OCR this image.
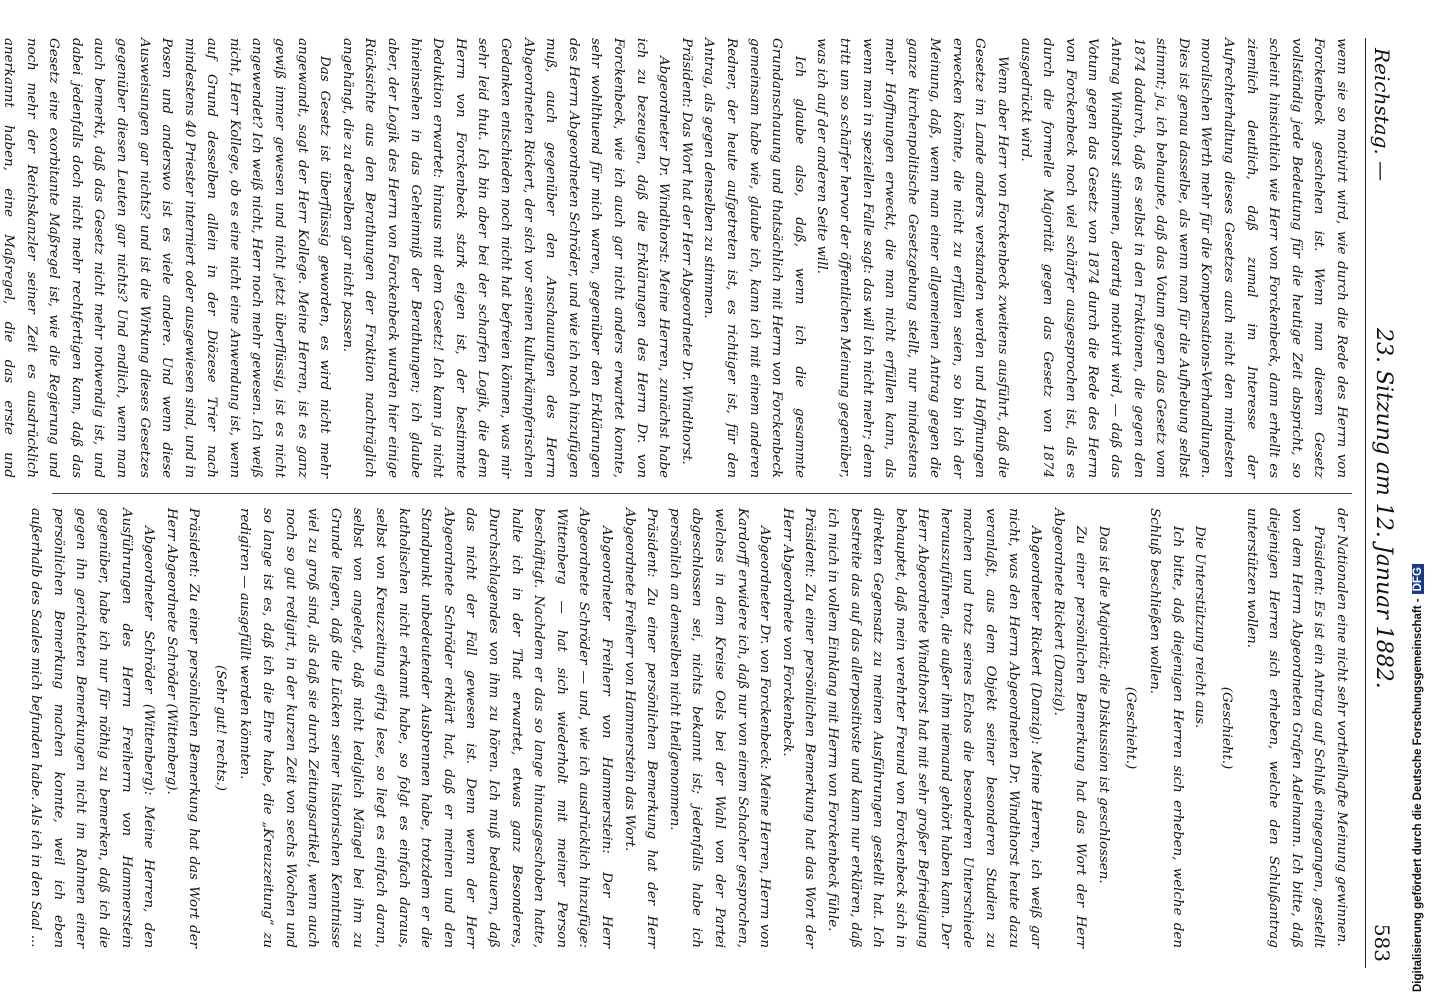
Reichstag. —
23. Sitzung am 12. Januar 1882.
583

wenn sie so motivirt wird, wie durch die Rede des Herrn von Forckenbeck geschehen ist. Wenn man diesem Gesetz vollständig jede Bedeutung für die heutige Zeit abspricht, so scheint hinsichtlich wie Herr von Forckenbeck, dann erhellt es ziemlich deutlich, daß zumal im Interesse der Aufrechterhaltung dieses Gesetzes auch nicht den mindesten moralischen Werth mehr für die Kompensations-Verhandlungen. Dies ist genau dasselbe, als wenn man für die Aufhebung selbst stimmt; ja, ich behaupte, daß das Votum gegen das Gesetz vom 1874 dadurch, daß es selbst in den Fraktionen, die gegen den Antrag Windthorst stimmen, derartig motivirt wird, — daß das Votum gegen das Gesetz von 1874 durch die Rede des Herrn von Forckenbeck noch viel schärfer ausgesprochen ist, als es durch die formelle Majorität gegen das Gesetz von 1874 ausgedrückt wird.

Wenn aber Herr von Forckenbeck zweitens ausführt, daß die Gesetze im Lande anders verstanden werden und Hoffnungen erwecken könnte, die nicht zu erfüllen seien, so bin ich der Meinung, daß, wenn man einer allgemeinen Antrag gegen die ganze kirchenpolitische Gesetzgebung stellt, nur mindestens mehr Hoffnungen erweckt, die man nicht erfüllen kann, als wenn man in speziellen Falle sagt: das will ich nicht mehr; denn tritt um so schärfer hervor der öffentlichen Meinung gegenüber, was ich auf der anderen Seite will.

Ich glaube also, daß, wenn ich die gesammte Grundanschauung und thatsächlich mit Herrn von Forckenbeck gemeinsam habe wie, glaube ich, kann ich mit einem anderen Redner, der heute aufgetreten ist, es richtiger ist, für den Antrag, als gegen denselben zu stimmen.

Präsident: Das Wort hat der Herr Abgeordnete Dr. Windthorst.

Abgeordneter Dr. Windthorst: Meine Herren, zunächst habe ich zu bezeugen, daß die Erklärungen des Herrn Dr. von Forckenbeck, wie ich auch gar nicht anders erwartet konnte, sehr wohlthuend für mich waren, gegenüber den Erklärungen des Herrn Abgeordneten Schröder, und wie ich noch hinzufügen muß, auch gegenüber den Anschauungen des Herrn Abgeordneten Rickert, der sich vor seinen kulturkämpferischen Gedanken entschieden noch nicht hat befreien können, was mir sehr leid thut. Ich bin aber bei der scharfen Logik, die dem Herrn von Forckenbeck stark eigen ist, der bestimmte Deduktion erwartet: hinaus mit dem Gesetz! Ich kann ja nicht hineinsehen in das Geheimniß der Berathungen; ich glaube aber, der Logik des Herrn von Forckenbeck wurden hier einige Rücksichte aus den Berathungen der Fraktion nachträglich angehängt, die zu derselben gar nicht passen.

Das Gesetz ist überflüssig geworden, es wird nicht mehr angewandt, sagt der Herr Kollege. Meine Herren, ist es ganz gewiß immer gewesen und nicht jetzt überflüssig, ist es nicht angewendet? Ich weiß nicht, Herr noch mehr gewesen. Ich weiß nicht, Herr Kollege, ob es eine nicht eine Anwendung ist, wenn auf Grund desselben allein in der Diözese Trier nach mindestens 40 Priester interniert oder ausgewiesen sind, und in Posen und anderswo ist es viele andere. Und wenn diese Ausweisungen gar nichts? und ist die Wirkung dieses Gesetzes gegenüber diesen Leuten gar nichts? Und endlich, wenn man auch bemerkt, daß das Gesetz nicht mehr notwendig ist, und dabei jedenfalls doch nicht mehr rechtfertigen kann, daß das Gesetz eine exorbitante Maßregel ist, wie die Regierung und noch mehr der Reichskanzler seiner Zeit es ausdrücklich anerkannt haben, eine Maßregel, die das erste und

der Nationalen eine nicht sehr vortheilhafte Meinung gewinnen.

Präsident: Es ist ein Antrag auf Schluß eingegangen, gestellt von dem Herrn Abgeordneten Grafen Adelmann. Ich bitte, daß diejenigen Herren sich erheben, welche den Schlußantrag unterstützen wollen.

(Geschieht.)

Die Unterstützung reicht aus.

Ich bitte, daß diejenigen Herren sich erheben, welche den Schluß beschließen wollen.

(Geschieht.)

Das ist die Majorität; die Diskussion ist geschlossen.

Zu einer persönlichen Bemerkung hat das Wort der Herr Abgeordnete Rickert (Danzig).

Abgeordneter Rickert (Danzig): Meine Herren, ich weiß gar nicht, was den Herrn Abgeordneten Dr. Windthorst heute dazu veranlaßt, aus dem Objekt seiner besonderen Studien zu machen und trotz seines Echos die besonderen Unterschiede herauszuführen, die außer ihm niemand gehört haben kann. Der Herr Abgeordnete Windthorst hat mit sehr großer Befriedigung behauptet, daß mein verehrter Freund von Forckenbeck sich in direkten Gegensatz zu meinen Ausführungen gestellt hat. Ich bestreite das auf das allerpositivste und kann nur erklären, daß ich mich in vollem Einklang mit Herrn von Forckenbeck fühle.

Präsident: Zu einer persönlichen Bemerkung hat das Wort der Herr Abgeordnete von Forckenbeck.

Abgeordneter Dr. von Forckenbeck: Meine Herren, Herrn von Kardorff erwidere ich, daß nur von einem Schacher gesprochen, welches in dem Kreise Oels bei der Wahl von der Partei abgeschlossen sei, nichts bekannt ist; jedenfalls habe ich persönlich an demselben nicht theilgenommen.

Präsident: Zu einer persönlichen Bemerkung hat der Herr Abgeordnete Freiherr von Hammerstein das Wort.

Abgeordneter Freiherr von Hammerstein: Der Herr Abgeordnete Schröder — und, wie ich ausdrücklich hinzufüge: Wittenberg — hat sich wiederholt mit meiner Person beschäftigt. Nachdem er das so lange hinausgeschoben hatte, halte ich in der That erwartet, etwas ganz Besonderes, Durchschlagendes von ihm zu hören. Ich muß bedauern, daß das nicht der Fall gewesen ist. Denn wenn der Herr Abgeordnete Schröder erklärt hat, daß er meinen und den Standpunkt unbedeutender Ausbrennen habe, trotzdem er die katholischen nicht erkannt habe, so folgt es einfach daraus, selbst von Kreuzzeitung eifrig lese, so liegt es einfach daran, selbst von angelegt, daß nicht lediglich Mängel bei ihm zu Grunde liegen, daß die Lücken seiner historischen Kenntnisse viel zu groß sind, als daß sie durch Zeitungsartikel, wenn auch noch so gut redigirt, in der kurzen Zeit von sechs Wochen und so lange ist es, daß ich die Ehre habe, die „Kreuzzeitung“ zu redigiren — ausgefüllt werden könnten.

(Sehr gut! rechts.)

Präsident: Zu einer persönlichen Bemerkung hat das Wort der Herr Abgeordnete Schröder (Wittenberg).

Abgeordneter Schröder (Wittenberg): Meine Herren, den Ausführungen des Herrn Freiherrn von Hammerstein gegenüber, habe ich nur für nöthig zu bemerken, daß ich die gegen ihn gerichteten Bemerkungen nicht im Rahmen einer persönlichen Bemerkung machen konnte, weil ich eben außerhalb des Saales mich befunden habe. Als ich in den Saal ...	Digitalisierung gefördert durch die Deutsche Forschungsgemeinschaft -DFG
